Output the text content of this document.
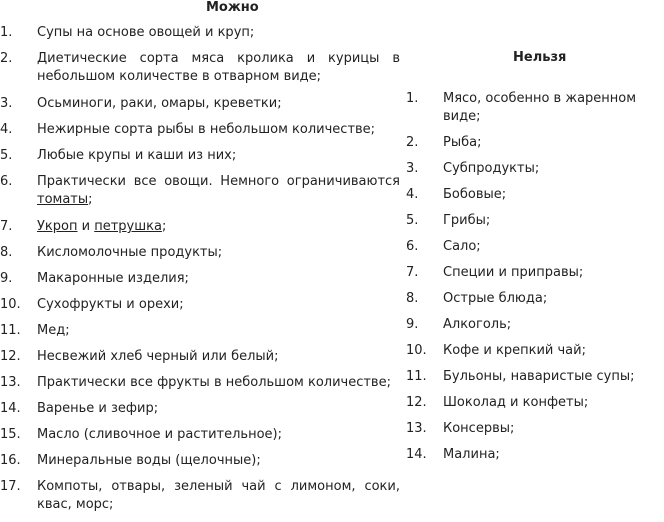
Можно
1. Супы на основе овощей и круп;
2. Диетические сорта мяса кролика и курицы в небольшом количестве в отварном виде;
3. Осьминоги, раки, омары, креветки;
4. Нежирные сорта рыбы в небольшом количестве;
5. Любые крупы и каши из них;
6. Практически все овощи. Немного ограничиваются томаты;
7. Укроп и петрушка;
8. Кисломолочные продукты;
9. Макаронные изделия;
10. Сухофрукты и орехи;
11. Мед;
12. Несвежий хлеб черный или белый;
13. Практически все фрукты в небольшом количестве;
14. Варенье и зефир;
15. Масло (сливочное и растительное);
16. Минеральные воды (щелочные);
17. Компоты, отвары, зеленый чай с лимоном, соки, квас, морс;
Нельзя
1. Мясо, особенно в жаренном виде;
2. Рыба;
3. Субпродукты;
4. Бобовые;
5. Грибы;
6. Сало;
7. Специи и приправы;
8. Острые блюда;
9. Алкоголь;
10. Кофе и крепкий чай;
11. Бульоны, наваристые супы;
12. Шоколад и конфеты;
13. Консервы;
14. Малина;
